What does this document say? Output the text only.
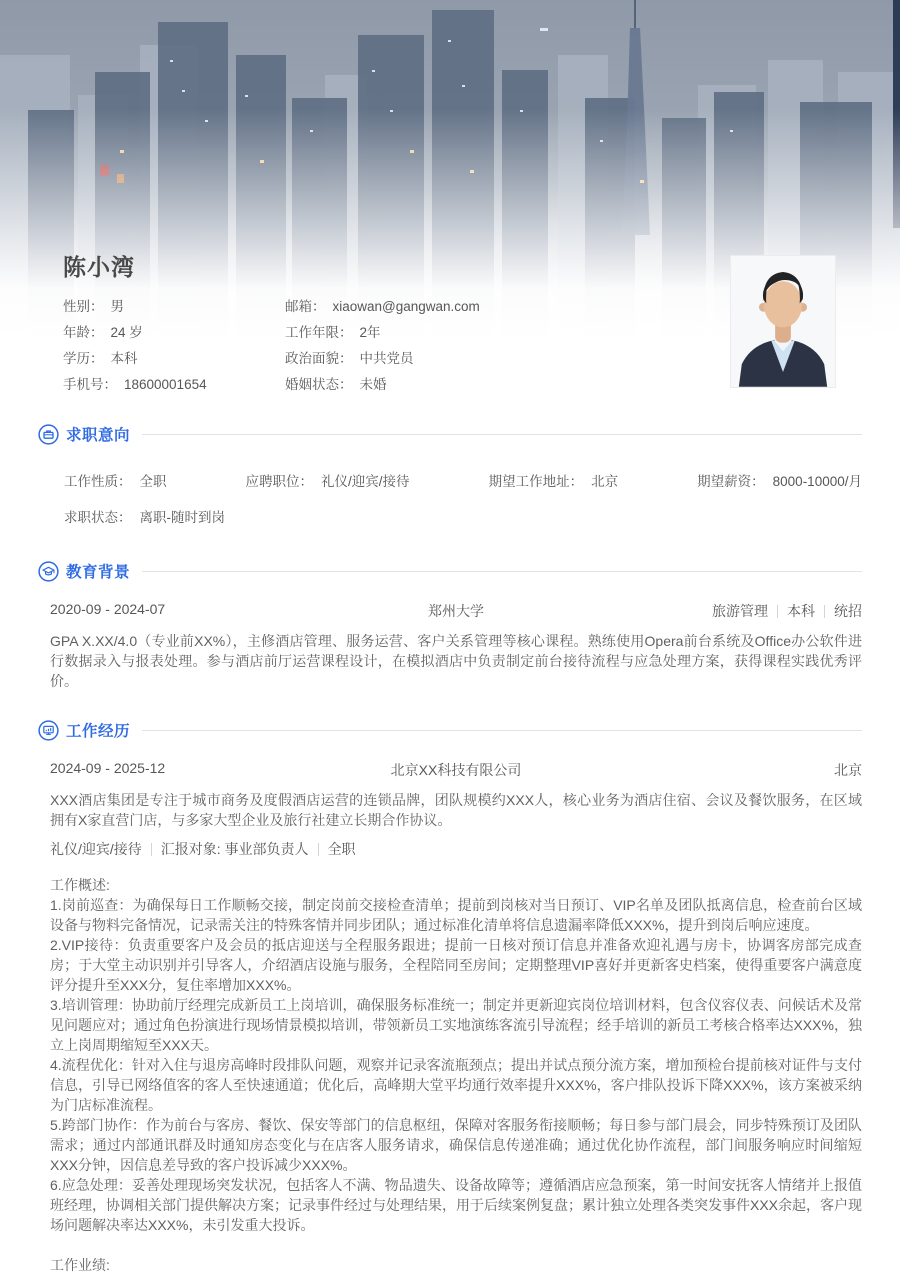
陈小湾
性别： 男
年龄： 24 岁
学历： 本科
手机号： 18600001654
邮箱： xiaowan@gangwan.com
工作年限： 2年
政治面貌： 中共党员
婚姻状态： 未婚
求职意向
工作性质： 全职	应聘职位： 礼仪/迎宾/接待	期望工作地址： 北京	期望薪资： 8000-10000/月
求职状态： 离职-随时到岗
教育背景
2020-09 - 2024-07	郑州大学	旅游管理 本科 统招

GPA X.XX/4.0（专业前XX%），主修酒店管理、服务运营、客户关系管理等核心课程。熟练使用Opera前台系统及Office办公软件进行数据录入与报表处理。参与酒店前厅运营课程设计，在模拟酒店中负责制定前台接待流程与应急处理方案，获得课程实践优秀评价。

工作经历
2024-09 - 2025-12	北京XX科技有限公司	北京

XXX酒店集团是专注于城市商务及度假酒店运营的连锁品牌，团队规模约XXX人，核心业务为酒店住宿、会议及餐饮服务，在区域拥有X家直营门店，与多家大型企业及旅行社建立长期合作协议。

礼仪/迎宾/接待 汇报对象: 事业部负责人 全职

工作概述:

1.岗前巡查：为确保每日工作顺畅交接，制定岗前交接检查清单；提前到岗核对当日预订、VIP名单及团队抵离信息，检查前台区域设备与物料完备情况，记录需关注的特殊客情并同步团队；通过标准化清单将信息遗漏率降低XXX%，提升到岗后响应速度。

2.VIP接待：负责重要客户及会员的抵店迎送与全程服务跟进；提前一日核对预订信息并准备欢迎礼遇与房卡，协调客房部完成查房；于大堂主动识别并引导客人，介绍酒店设施与服务，全程陪同至房间；定期整理VIP喜好并更新客史档案，使得重要客户满意度评分提升至XXX分，复住率增加XXX%。

3.培训管理：协助前厅经理完成新员工上岗培训，确保服务标准统一；制定并更新迎宾岗位培训材料，包含仪容仪表、问候话术及常见问题应对；通过角色扮演进行现场情景模拟培训，带领新员工实地演练客流引导流程；经手培训的新员工考核合格率达XXX%，独立上岗周期缩短至XXX天。

4.流程优化：针对入住与退房高峰时段排队问题，观察并记录客流瓶颈点；提出并试点预分流方案，增加预检台提前核对证件与支付信息，引导已网络值客的客人至快速通道；优化后，高峰期大堂平均通行效率提升XXX%，客户排队投诉下降XXX%，该方案被采纳为门店标准流程。

5.跨部门协作：作为前台与客房、餐饮、保安等部门的信息枢纽，保障对客服务衔接顺畅；每日参与部门晨会，同步特殊预订及团队需求；通过内部通讯群及时通知房态变化与在店客人服务请求，确保信息传递准确；通过优化协作流程，部门间服务响应时间缩短XXX分钟，因信息差导致的客户投诉减少XXX%。

6.应急处理：妥善处理现场突发状况，包括客人不满、物品遗失、设备故障等；遵循酒店应急预案，第一时间安抚客人情绪并上报值班经理，协调相关部门提供解决方案；记录事件经过与处理结果，用于后续案例复盘；累计独立处理各类突发事件XXX余起，客户现场问题解决率达XXX%，未引发重大投诉。

工作业绩:
